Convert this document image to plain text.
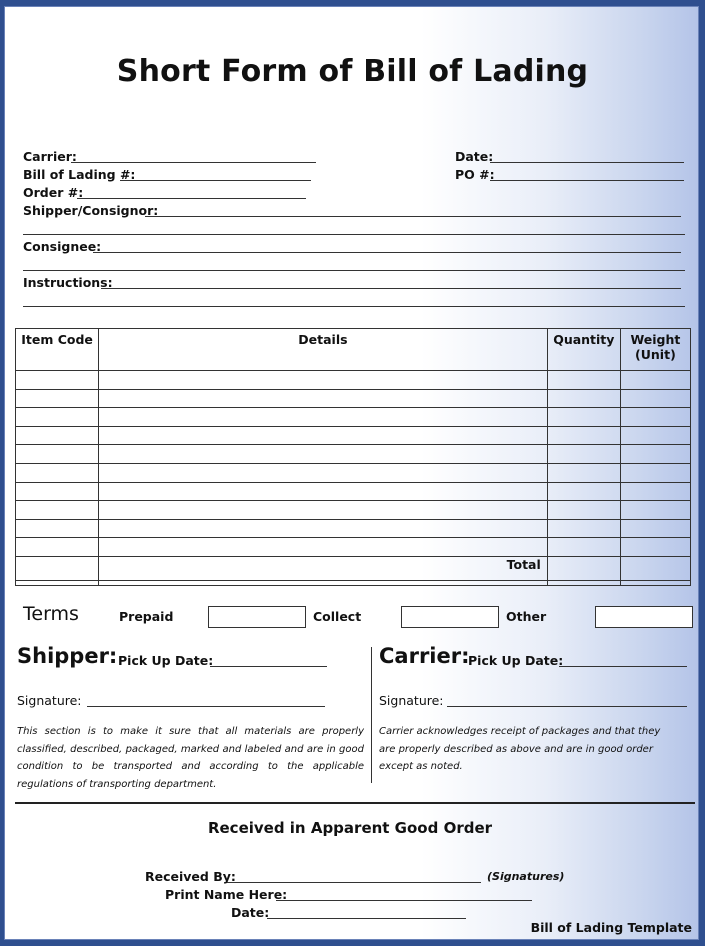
Short Form of Bill of Lading
Carrier:
Bill of Lading #:
Order #:
Shipper/Consignor:
Consignee:
Instructions:
Date:
PO #:
Item Code	Details	Quantity	Weight (Unit)

	Total		

Terms	Prepaid	Collect	Other
Shipper: Pick Up Date:
Signature:
This section is to make it sure that all materials are properly classified, described, packaged, marked and labeled and are in good condition to be transported and according to the applicable regulations of transporting department.
Carrier:
Pick Up Date:
Signature:
Carrier acknowledges receipt of packages and that they are properly described as above and are in good order except as noted.
Received in Apparent Good Order
Received By:	(Signatures)
Print Name Here:
Date:
Bill of Lading Template
